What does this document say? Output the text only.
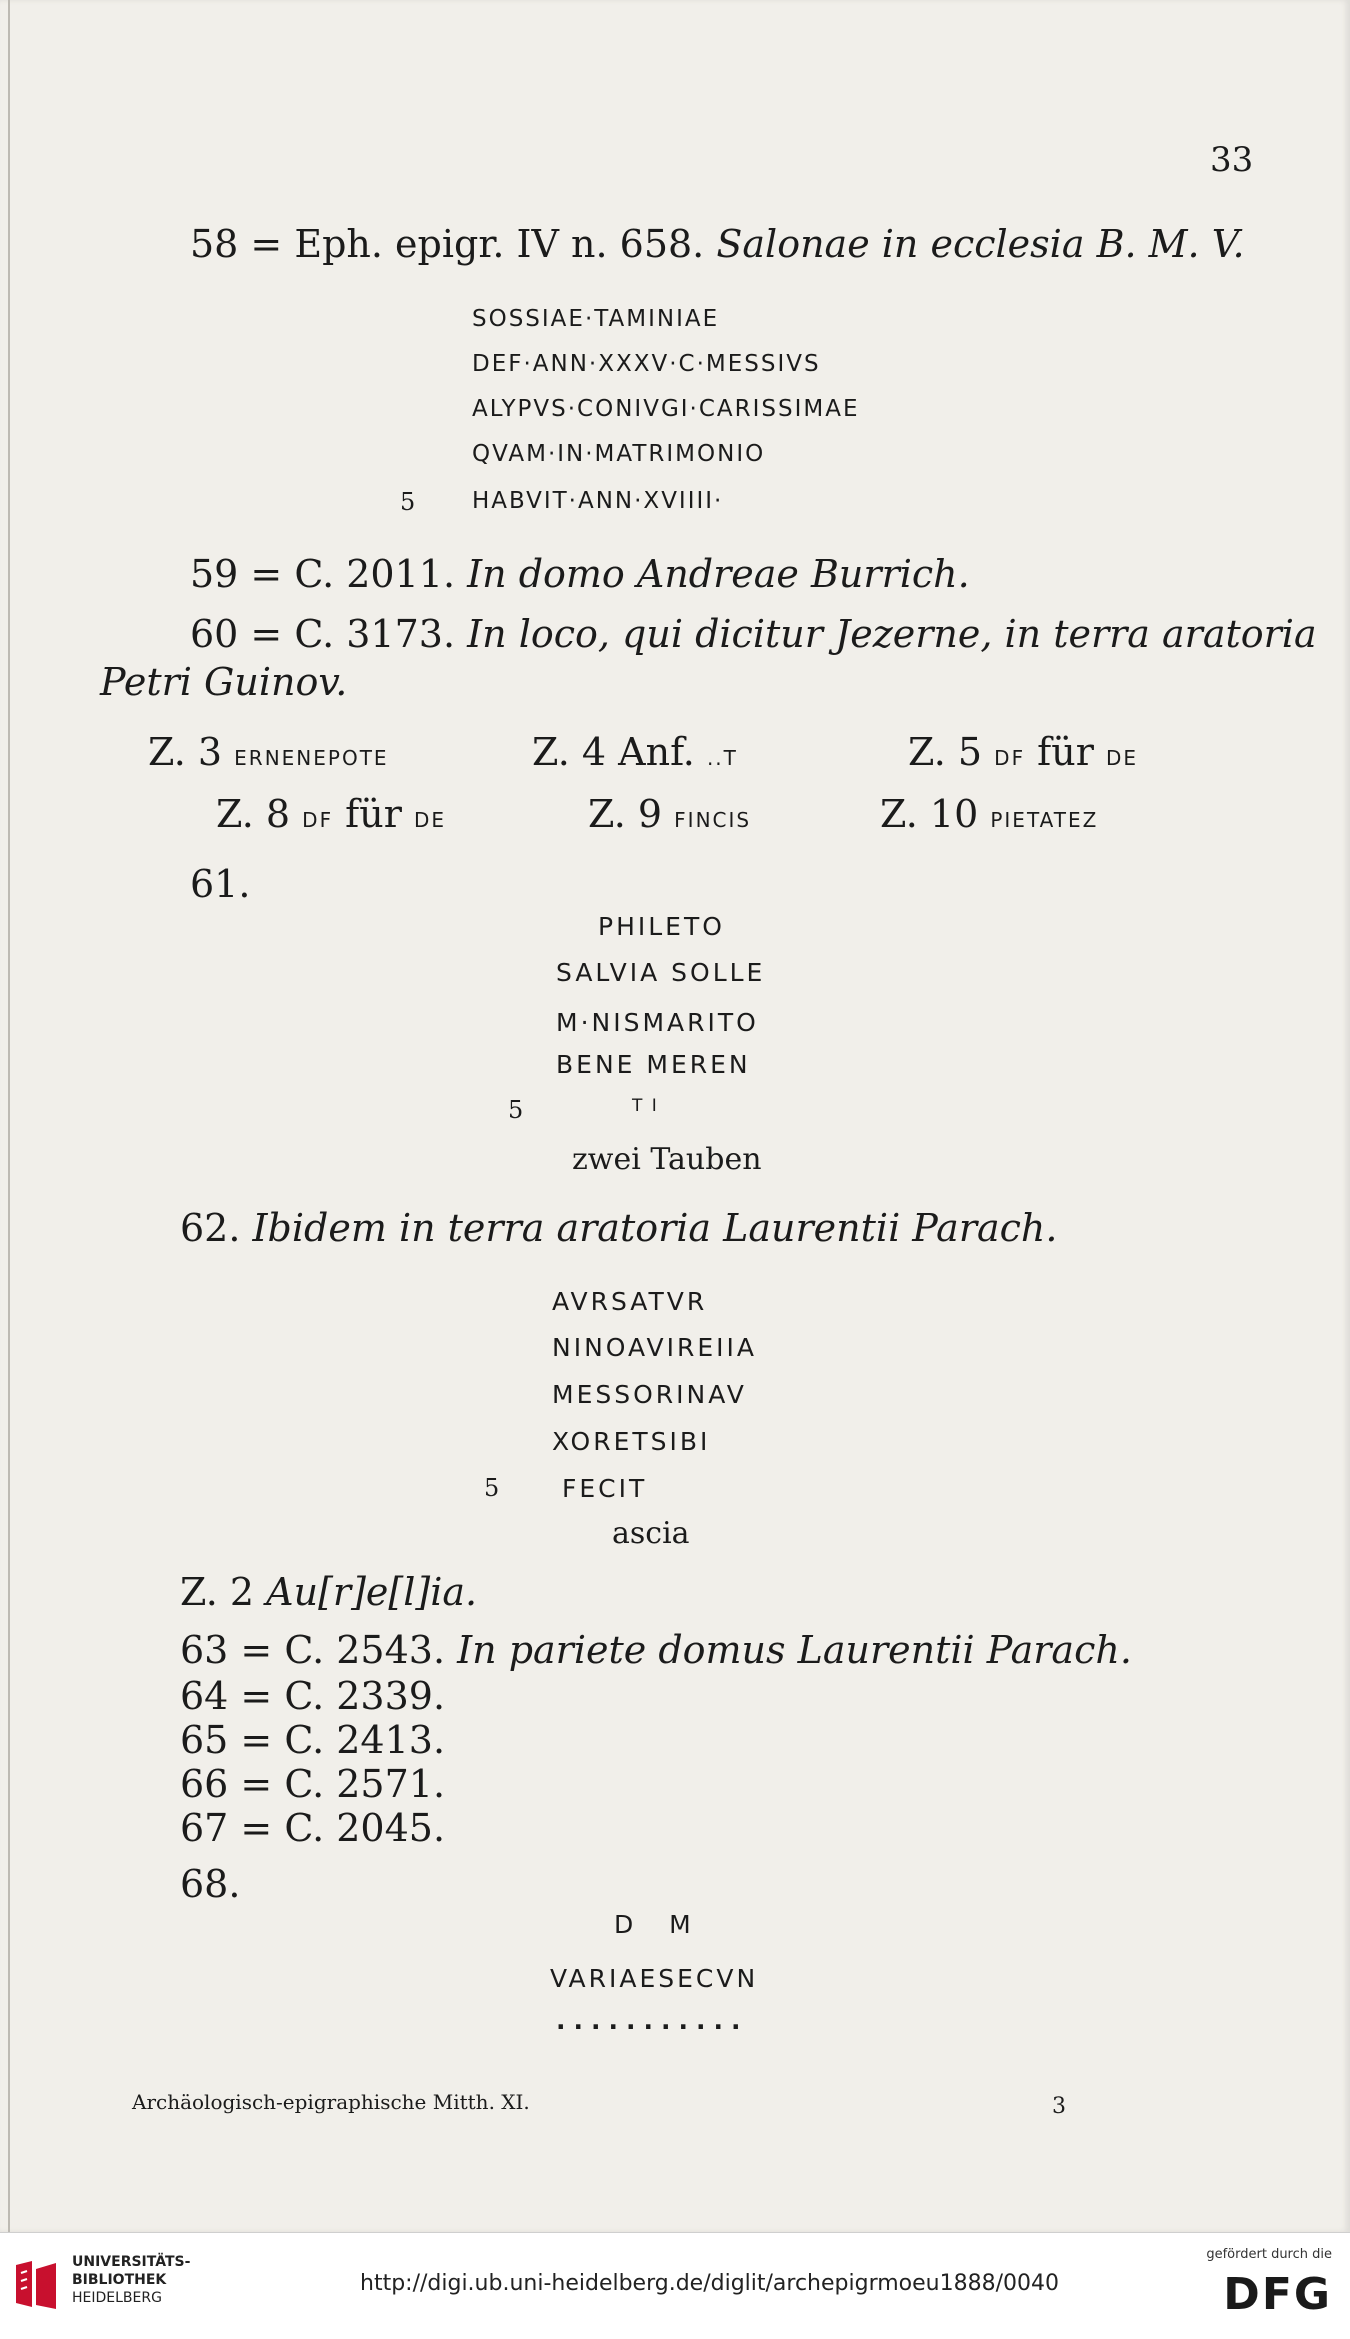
33
58 = Eph. epigr. IV n. 658. Salonae in ecclesia B. M. V.
SOSSIAE·TAMINIAE
DEF·ANN·XXXV·C·MESSIVS
ALYPVS·CONIVGI·CARISSIMAE
QVAM·IN·MATRIMONIO
5 HABVIT·ANN·XVIIII·
59 = C. 2011. In domo Andreae Burrich.
60 = C. 3173. In loco, qui dicitur Jezerne, in terra aratoria
Petri Guinov.
Z. 3 ERNENEPOTE	Z. 4 Anf. ..T	Z. 5 DF für DE
Z. 8 DF für DE	Z. 9 FINCIS	Z. 10 PIETATEZ
61.
PHILETO
SALVIA SOLLE
M·NISMARITO
BENE MEREN
5	T I
zwei Tauben
62. Ibidem in terra aratoria Laurentii Parach.
AVRSATVR
NINOAVIREIIA
MESSORINAV
XORETSIBI
5	FECIT
ascia
Z. 2 Au[r]e[l]ia.
63 = C. 2543. In pariete domus Laurentii Parach.
64 = C. 2339.
65 = C. 2413.
66 = C. 2571.
67 = C. 2045.
68.
D   M
VARIAESECVN
...........
Archäologisch-epigraphische Mitth. XI.	3
UNIVERSITÄTS-
BIBLIOTHEK
HEIDELBERG
http://digi.ub.uni-heidelberg.de/diglit/archepigrmoeu1888/0040
gefördert durch die
DFG
